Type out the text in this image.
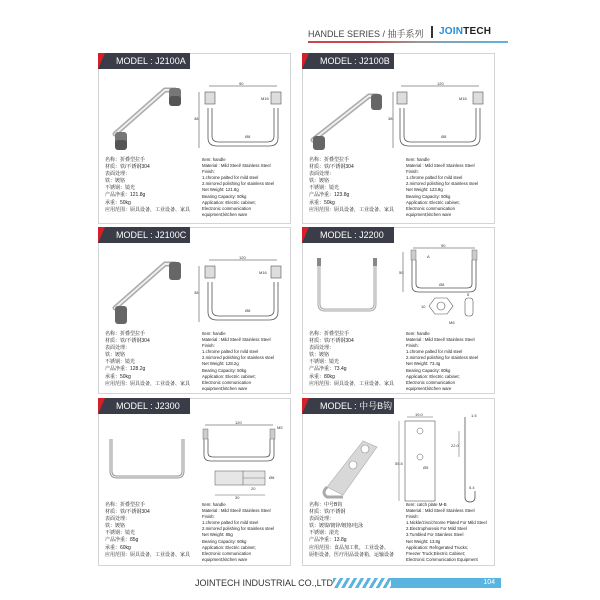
HANDLE SERIES / 抽手系列 JOINTECH
MODEL : J2100A
90
38
M16
Ø8
名称：折叠型拉手
材质：铁/不锈钢304
表面处理：
铁：镀铬
不锈钢：镜光
产品净重：121.8g
承重：50kg
应用范围：厨具设备，工业设备、家具
Item: handle
Material : Mild Steel/ Stainless Steel
Finish:
1.chrome palted for mild steel
2.mirrored polishing for stainless steel
Net Weight: 121.8g
Bearing Capacity: 50kg
Application: Electric cabinet;
Electronic communication
equipment;kitchen ware
MODEL : J2100B
120
38
M16
Ø8
名称：折叠型拉手
材质：铁/不锈钢304
表面处理：
铁：镀铬
不锈钢：镜光
产品净重：123.8g
承重：50kg
应用范围：厨具设备，工业设备、家具
Item: handle
Material : Mild Steel/ Stainless Steel
Finish:
1.chrome palted for mild steel
2.mirrored polishing for stainless steel
Net Weight: 123.8g
Bearing Capacity: 50kg
Application: Electric cabinet;
Electronic communication
equipment;kitchen ware
MODEL : J2100C
120
38
M16
Ø8
名称：折叠型拉手
材质：铁/不锈钢304
表面处理：
铁：镀铬
不锈钢：镜光
产品净重：128.2g
承重：50kg
应用范围：厨具设备，工业设备、家具
Item: handle
Material : Mild Steel/ Stainless Steel
Finish:
1.chrome palted for mild steel
2.mirrored polishing for stainless steel
Net Weight: 128.2g
Bearing Capacity: 50kg
Application: Electric cabinet;
Electronic communication
equipment;kitchen ware
MODEL : J2200
90
50
A
Ø8
10
M6
5
名称：折叠型拉手
材质：铁/不锈钢304
表面处理：
铁：镀铬
不锈钢：镜光
产品净重：73.4g
承重：80kg
应用范围：厨具设备，工业设备、家具
Item: handle
Material : Mild Steel/ Stainless Steel
Finish:
1.chrome palted for mild steel
2.mirrored polishing for stainless steel
Net Weight: 73.4g
Bearing Capacity: 80kg
Application: Electric cabinet;
Electronic communication
equipment;kitchen ware
MODEL : J2300
120
M5
Ø8
20
30
名称：折叠型拉手
材质：铁/不锈钢304
表面处理：
铁：镀铬
不锈钢：镜光
产品净重：85g
承重：60kg
应用范围：厨具设备，工业设备、家具
Item: handle
Material : Mild Steel/ Stainless Steel
Finish:
1.chrome palted for mild steel
2.mirrored polishing for stainless steel
Net Weight: 85g
Bearing Capacity: 60kg
Application: Electric cabinet;
Electronic communication
equipment;kitchen ware
MODEL : 中号B钩
19.0
Ø5
55.5
1.5
22.0
5.4
名称：中号B钩
材质：铁/不锈钢
表面处理：
铁：镀镍/镀锌/镀铬/电泳
不锈钢：滚光
产品净重：13.8g
应用范围：食品加工机，工业设备、
厨柜设备，医疗用品设备箱，运输设备
Item: catch plate M-B
Material : Mild Steel/ Stainless Steel
Finish:
1.Nickle/zinc/chrome Plated For Mild Steel
2.Electrophoresis For Mild Steel
3.Tumbled For Stainless Steel
Net Weight: 13.8g
Application: Refrigerated Trucks;
Freezer Truck;Electric Cabinet;
Electronic Communication Equipment
JOINTECH INDUSTRIAL CO.,LTD	104
